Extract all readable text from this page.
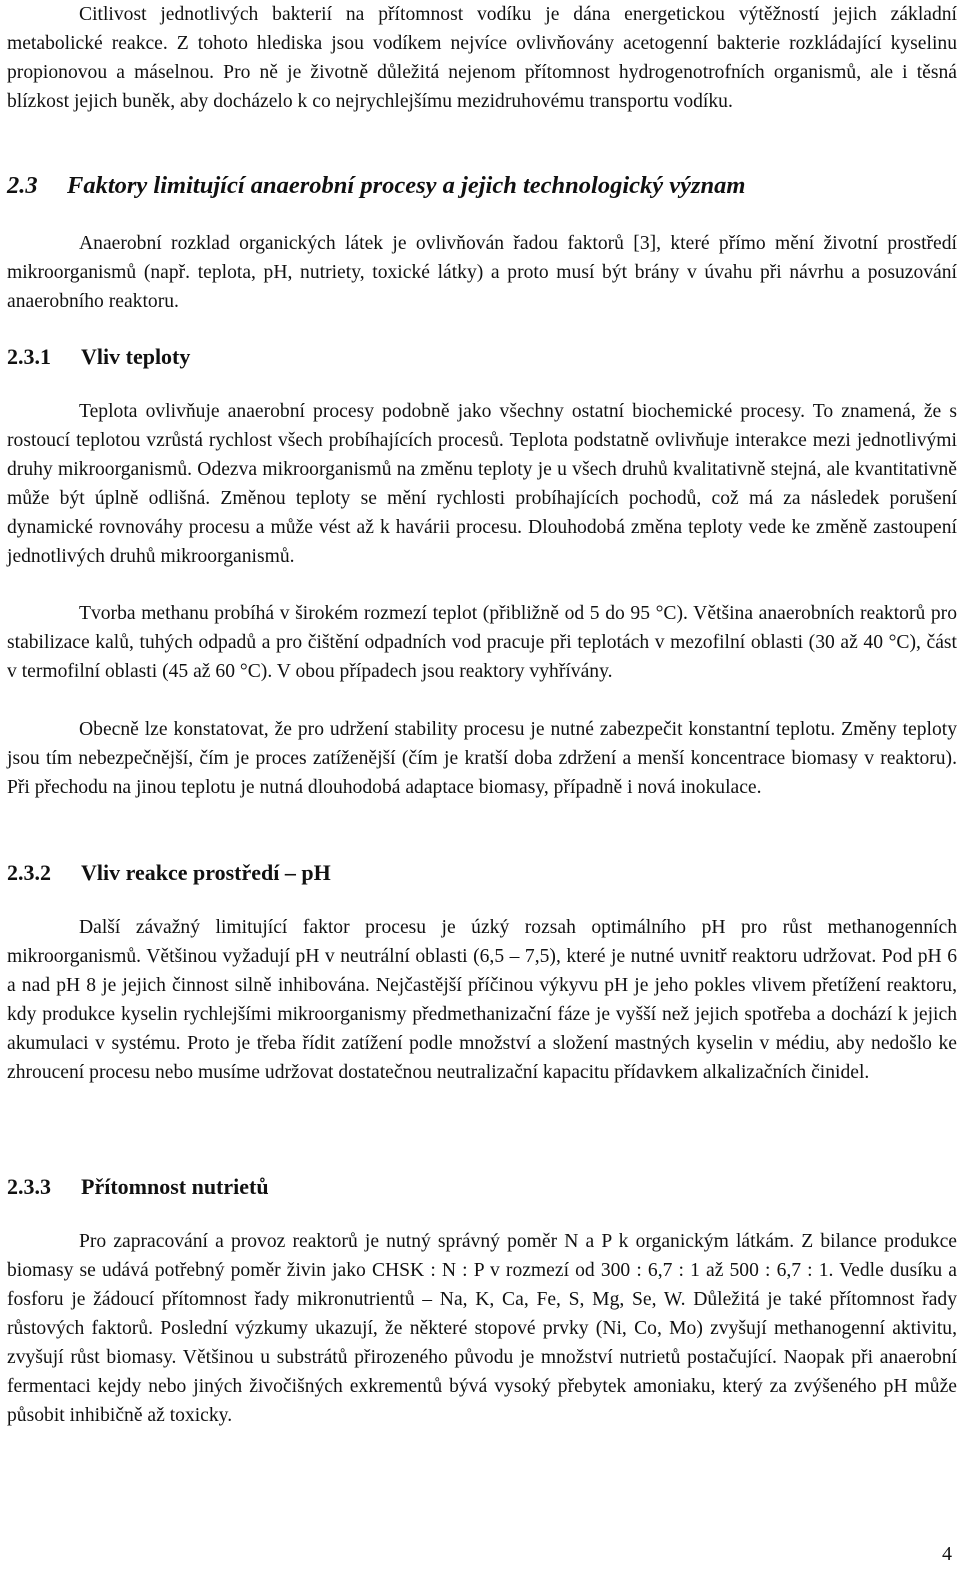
Citlivost jednotlivých bakterií na přítomnost vodíku je dána energetickou výtěžností jejich základní metabolické reakce. Z tohoto hlediska jsou vodíkem nejvíce ovlivňovány acetogenní bakterie rozkládající kyselinu propionovou a máselnou. Pro ně je životně důležitá nejenom přítomnost hydrogenotrofních organismů, ale i těsná blízkost jejich buněk, aby docházelo k co nejrychlejšímu mezidruhovému transportu vodíku.

2.3 Faktory limitující anaerobní procesy a jejich technologický význam

Anaerobní rozklad organických látek je ovlivňován řadou faktorů [3], které přímo mění životní prostředí mikroorganismů (např. teplota, pH, nutriety, toxické látky) a proto musí být brány v úvahu při návrhu a posuzování anaerobního reaktoru.

2.3.1 Vliv teploty

Teplota ovlivňuje anaerobní procesy podobně jako všechny ostatní biochemické procesy. To znamená, že s rostoucí teplotou vzrůstá rychlost všech probíhajících procesů. Teplota podstatně ovlivňuje interakce mezi jednotlivými druhy mikroorganismů. Odezva mikroorganismů na změnu teploty je u všech druhů kvalitativně stejná, ale kvantitativně může být úplně odlišná. Změnou teploty se mění rychlosti probíhajících pochodů, což má za následek porušení dynamické rovnováhy procesu a může vést až k havárii procesu. Dlouhodobá změna teploty vede ke změně zastoupení jednotlivých druhů mikroorganismů.

Tvorba methanu probíhá v širokém rozmezí teplot (přibližně od 5 do 95 °C). Většina anaerobních reaktorů pro stabilizace kalů, tuhých odpadů a pro čištění odpadních vod pracuje při teplotách v mezofilní oblasti (30 až 40 °C), část v termofilní oblasti (45 až 60 °C). V obou případech jsou reaktory vyhřívány.

Obecně lze konstatovat, že pro udržení stability procesu je nutné zabezpečit konstantní teplotu. Změny teploty jsou tím nebezpečnější, čím je proces zatíženější (čím je kratší doba zdržení a menší koncentrace biomasy v reaktoru). Při přechodu na jinou teplotu je nutná dlouhodobá adaptace biomasy, případně i nová inokulace.

2.3.2 Vliv reakce prostředí – pH

Další závažný limitující faktor procesu je úzký rozsah optimálního pH pro růst methanogenních mikroorganismů. Většinou vyžadují pH v neutrální oblasti (6,5 – 7,5), které je nutné uvnitř reaktoru udržovat. Pod pH 6 a nad pH 8 je jejich činnost silně inhibována. Nejčastější příčinou výkyvu pH je jeho pokles vlivem přetížení reaktoru, kdy produkce kyselin rychlejšími mikroorganismy předmethanizační fáze je vyšší než jejich spotřeba a dochází k jejich akumulaci v systému. Proto je třeba řídit zatížení podle množství a složení mastných kyselin v médiu, aby nedošlo ke zhroucení procesu nebo musíme udržovat dostatečnou neutralizační kapacitu přídavkem alkalizačních činidel.

2.3.3 Přítomnost nutrietů

Pro zapracování a provoz reaktorů je nutný správný poměr N a P k organickým látkám. Z bilance produkce biomasy se udává potřebný poměr živin jako CHSK : N : P v rozmezí od 300 : 6,7 : 1 až 500 : 6,7 : 1. Vedle dusíku a fosforu je žádoucí přítomnost řady mikronutrientů – Na, K, Ca, Fe, S, Mg, Se, W. Důležitá je také přítomnost řady růstových faktorů. Poslední výzkumy ukazují, že některé stopové prvky (Ni, Co, Mo) zvyšují methanogenní aktivitu, zvyšují růst biomasy. Většinou u substrátů přirozeného původu je množství nutrietů postačující. Naopak při anaerobní fermentaci kejdy nebo jiných živočišných exkrementů bývá vysoký přebytek amoniaku, který za zvýšeného pH může působit inhibičně až toxicky.

4
